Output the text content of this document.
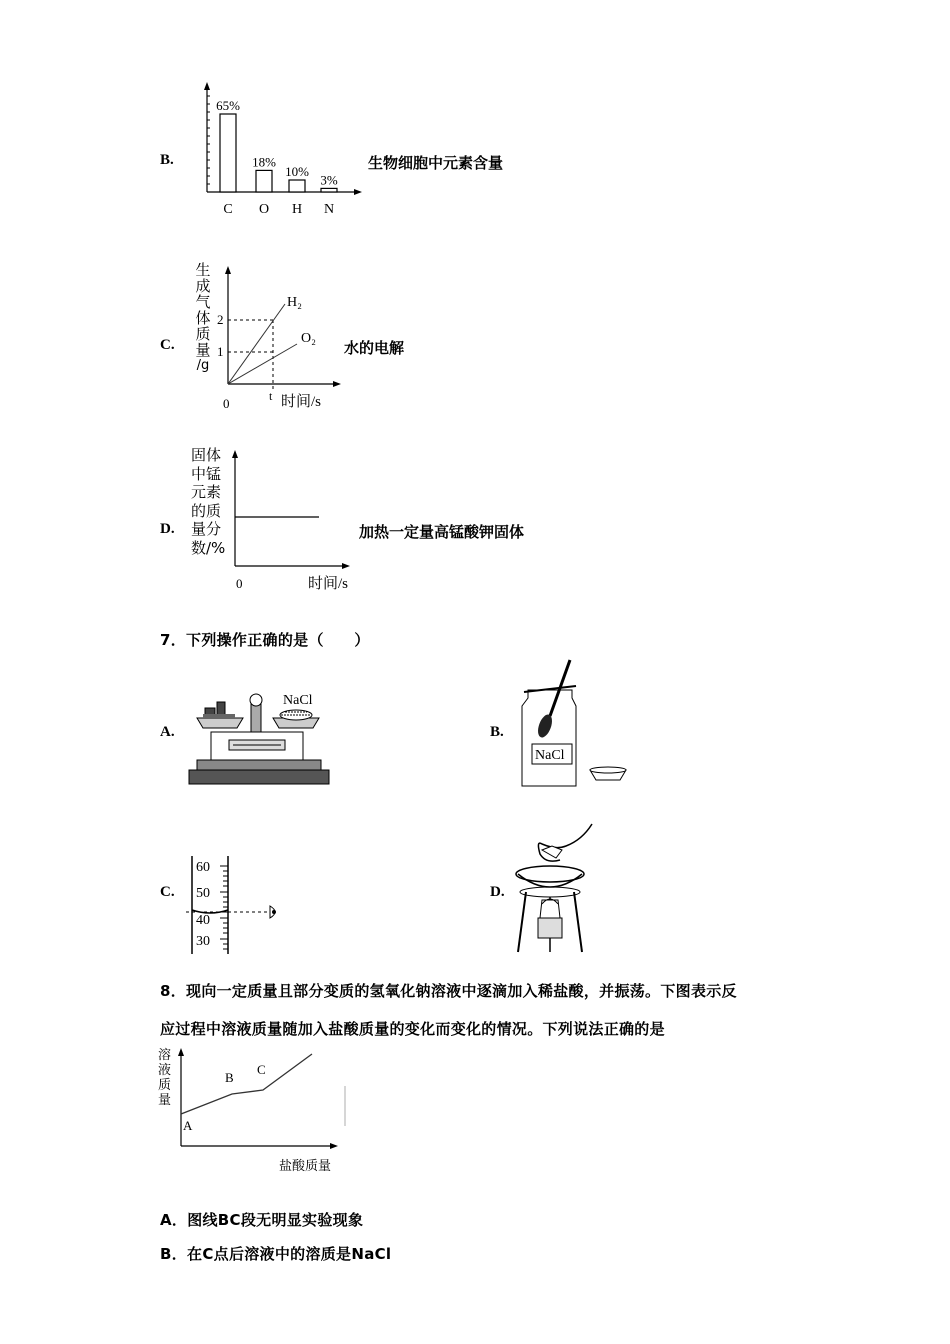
B.
65%
C
18%
O
10%
H
3%
N
生物细胞中元素含量
C.
生
成
气
体
质
量
/g
2
1
H₂
O₂
0	t 时间/s
水的电解
D.
固体
中锰
元素
的质
量分
数/%
0	时间/s
加热一定量高锰酸钾固体
7．下列操作正确的是（　　）
A.
NaCl
B.
NaCl
C.
60
50
40
30
D.
8．现向一定质量且部分变质的氢氧化钠溶液中逐滴加入稀盐酸，并振荡。下图表示反
应过程中溶液质量随加入盐酸质量的变化而变化的情况。下列说法正确的是
溶
液
质
量
A
B
C
盐酸质量
A．图线BC段无明显实验现象
B．在C点后溶液中的溶质是NaCl
